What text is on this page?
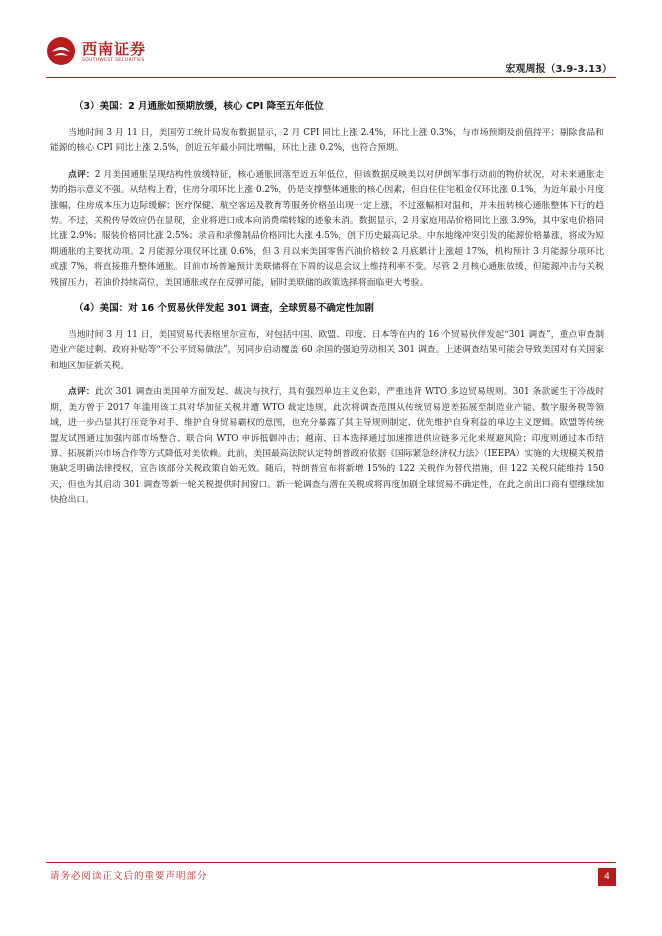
西南证券
SOUTHWEST SECURITIES
宏观周报（3.9-3.13）
（3）美国：2 月通胀如预期放缓，核心 CPI 降至五年低位

当地时间 3 月 11 日，美国劳工统计局发布数据显示，2 月 CPI 同比上涨 2.4%，环比上涨 0.3%，与市场预期及前值持平；剔除食品和能源的核心 CPI 同比上涨 2.5%，创近五年最小同比增幅，环比上涨 0.2%，也符合预期。

点评：2 月美国通胀呈现结构性放缓特征，核心通胀回落至近五年低位，但该数据反映美以对伊朗军事行动前的物价状况，对未来通胀走势的指示意义不强。从结构上看，住房分项环比上涨 0.2%，仍是支撑整体通胀的核心因素，但自住住宅租金仅环比涨 0.1%，为近年最小月度涨幅，住房成本压力边际缓解；医疗保健、航空客运及教育等服务价格虽出现一定上涨，不过涨幅相对温和，并未扭转核心通胀整体下行的趋势。不过，关税传导效应仍在显现，企业将进口成本向消费端转嫁的迹象未消。数据显示，2 月家庭用品价格同比上涨 3.9%，其中家电价格同比涨 2.9%；服装价格同比涨 2.5%；录音和录像制品价格同比大涨 4.5%，创下历史最高记录。中东地缘冲突引发的能源价格暴涨，将成为短期通胀的主要扰动项。2 月能源分项仅环比涨 0.6%，但 3 月以来美国零售汽油价格较 2 月底累计上涨超 17%，机构预计 3 月能源分项环比或涨 7%，将直接推升整体通胀。目前市场普遍预计美联储将在下周的议息会议上维持利率不变。尽管 2 月核心通胀放缓，但能源冲击与关税残留压力，若油价持续高位，美国通胀或存在反弹可能，届时美联储的政策选择将面临更大考验。

（4）美国：对 16 个贸易伙伴发起 301 调查，全球贸易不确定性加剧

当地时间 3 月 11 日，美国贸易代表格里尔宣布，对包括中国、欧盟、印度、日本等在内的 16 个贸易伙伴发起“301 调查”，重点审查制造业产能过剩、政府补贴等“不公平贸易做法”，另同步启动覆盖 60 余国的强迫劳动相关 301 调查。上述调查结果可能会导致美国对有关国家和地区加征新关税。

点评：此次 301 调查由美国单方面发起、裁决与执行，具有强烈单边主义色彩，严重违背 WTO 多边贸易规则。301 条款诞生于冷战时期，美方曾于 2017 年滥用该工具对华加征关税并遭 WTO 裁定违规，此次将调查范围从传统贸易逆差拓展至制造业产能、数字服务税等领域，进一步凸显其打压竞争对手、维护自身贸易霸权的意图，也充分暴露了其主导规则制定、优先维护自身利益的单边主义逻辑。欧盟等传统盟友试图通过加强内部市场整合、联合向 WTO 申诉抵御冲击；越南、日本选择通过加速推进供应链多元化来规避风险；印度则通过本币结算、拓展新兴市场合作等方式降低对美依赖。此前，美国最高法院认定特朗普政府依据《国际紧急经济权力法》（IEEPA）实施的大规模关税措施缺乏明确法律授权，宣告该部分关税政策自始无效。随后，特朗普宣布将新增 15%的 122 关税作为替代措施，但 122 关税只能维持 150 天，但也为其启动 301 调查等新一轮关税提供时间窗口。新一轮调查与潜在关税或将再度加剧全球贸易不确定性，在此之前出口商有望继续加快抢出口。

请务必阅读正文后的重要声明部分	4
